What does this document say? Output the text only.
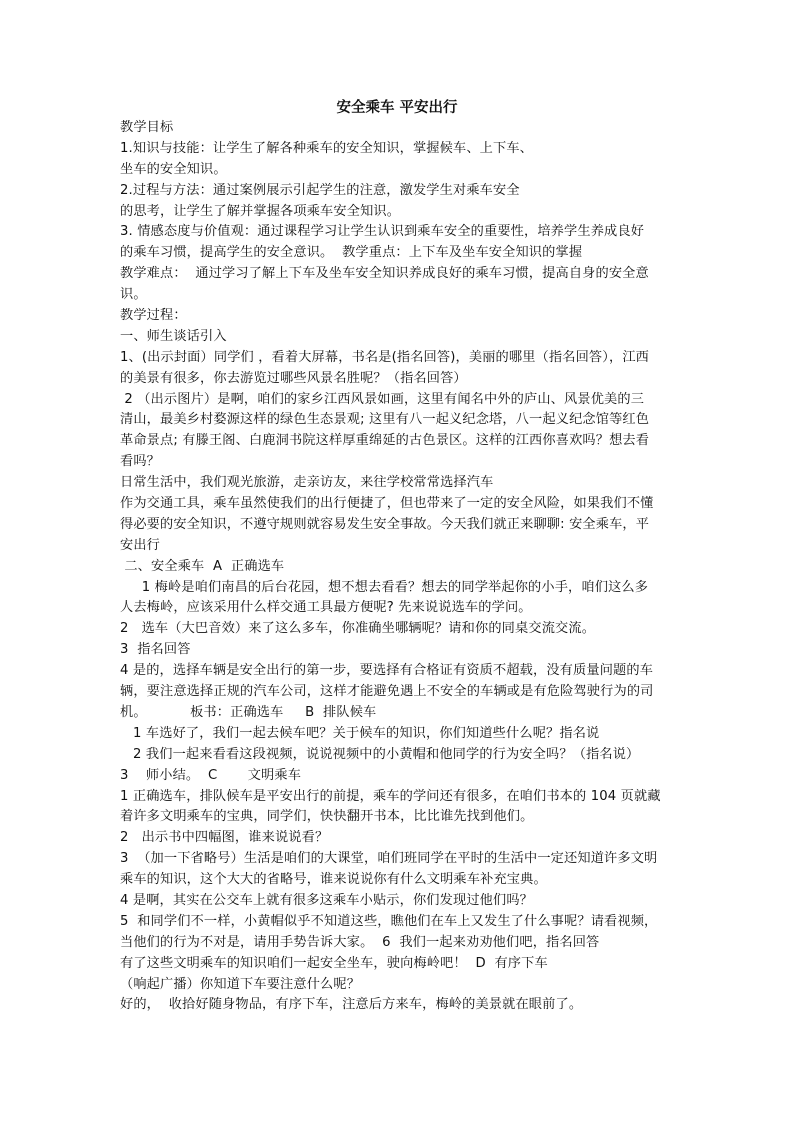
安全乘车 平安出行
教学目标
1.知识与技能：让学生了解各种乘车的安全知识，掌握候车、上下车、
坐车的安全知识。
2.过程与方法：通过案例展示引起学生的注意，激发学生对乘车安全
的思考，让学生了解并掌握各项乘车安全知识。
3. 情感态度与价值观：通过课程学习让学生认识到乘车安全的重要性，培养学生养成良好
的乘车习惯，提高学生的安全意识。  教学重点：上下车及坐车安全知识的掌握
教学难点：  通过学习了解上下车及坐车安全知识养成良好的乘车习惯，提高自身的安全意
识。
教学过程：
一、师生谈话引入
1、(出示封面）同学们 ，看着大屏幕，书名是(指名回答)，美丽的哪里（指名回答），江西
的美景有很多，你去游览过哪些风景名胜呢？（指名回答）
2 （出示图片）是啊，咱们的家乡江西风景如画，这里有闻名中外的庐山、风景优美的三
清山，最美乡村婺源这样的绿色生态景观; 这里有八一起义纪念塔，八一起义纪念馆等红色
革命景点; 有滕王阁、白鹿洞书院这样厚重绵延的古色景区。这样的江西你喜欢吗？想去看
看吗？
日常生活中，我们观光旅游，走亲访友，来往学校常常选择汽车
作为交通工具，乘车虽然使我们的出行便捷了，但也带来了一定的安全风险，如果我们不懂
得必要的安全知识，不遵守规则就容易发生安全事故。今天我们就正来聊聊: 安全乘车，平
安出行
二、安全乘车  A  正确选车
1 梅岭是咱们南昌的后台花园，想不想去看看？想去的同学举起你的小手，咱们这么多
人去梅岭，应该采用什么样交通工具最方便呢? 先来说说选车的学问。
2   选车（大巴音效）来了这么多车，你准确坐哪辆呢？请和你的同桌交流交流。
3  指名回答
4 是的，选择车辆是安全出行的第一步，要选择有合格证有资质不超载，没有质量问题的车
辆，要注意选择正规的汽车公司，这样才能避免遇上不安全的车辆或是有危险驾驶行为的司
机。          板书：正确选车     B  排队候车
1 车选好了，我们一起去候车吧？关于候车的知识，你们知道些什么呢？指名说
2 我们一起来看看这段视频，说说视频中的小黄帽和他同学的行为安全吗？（指名说）
3    师小结。  C       文明乘车
1 正确选车，排队候车是平安出行的前提，乘车的学问还有很多，在咱们书本的 104 页就藏
着许多文明乘车的宝典，同学们，快快翻开书本，比比谁先找到他们。
2   出示书中四幅图，谁来说说看？
3  （加一下省略号）生活是咱们的大课堂，咱们班同学在平时的生活中一定还知道许多文明
乘车的知识，这个大大的省略号，谁来说说你有什么文明乘车补充宝典。
4 是啊，其实在公交车上就有很多这乘车小贴示，你们发现过他们吗？
5  和同学们不一样，小黄帽似乎不知道这些，瞧他们在车上又发生了什么事呢？请看视频，
当他们的行为不对是，请用手势告诉大家。  6  我们一起来劝劝他们吧，指名回答
有了这些文明乘车的知识咱们一起安全坐车，驶向梅岭吧！  D  有序下车
（响起广播）你知道下车要注意什么呢？
好的，  收拾好随身物品，有序下车，注意后方来车，梅岭的美景就在眼前了。
